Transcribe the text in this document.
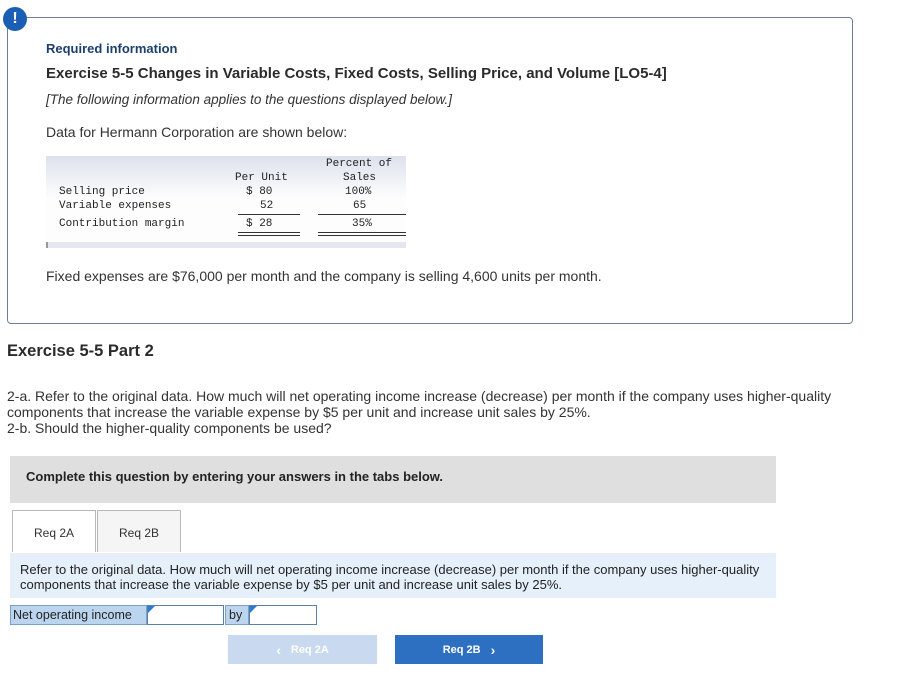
!
Required information
Exercise 5-5 Changes in Variable Costs, Fixed Costs, Selling Price, and Volume [LO5-4]
[The following information applies to the questions displayed below.]
Data for Hermann Corporation are shown below:
Percent of
Per Unit	Sales
Selling price	$ 80	100%
Variable expenses	52	65
Contribution margin	$ 28	35%
Fixed expenses are $76,000 per month and the company is selling 4,600 units per month.
Exercise 5-5 Part 2
2-a. Refer to the original data. How much will net operating income increase (decrease) per month if the company uses higher-quality components that increase the variable expense by $5 per unit and increase unit sales by 25%.
2-b. Should the higher-quality components be used?
Complete this question by entering your answers in the tabs below.
Req 2A	Req 2B
Refer to the original data. How much will net operating income increase (decrease) per month if the company uses higher-quality components that increase the variable expense by $5 per unit and increase unit sales by 25%.
Net operating income	by
‹ Req 2A	Req 2B ›
